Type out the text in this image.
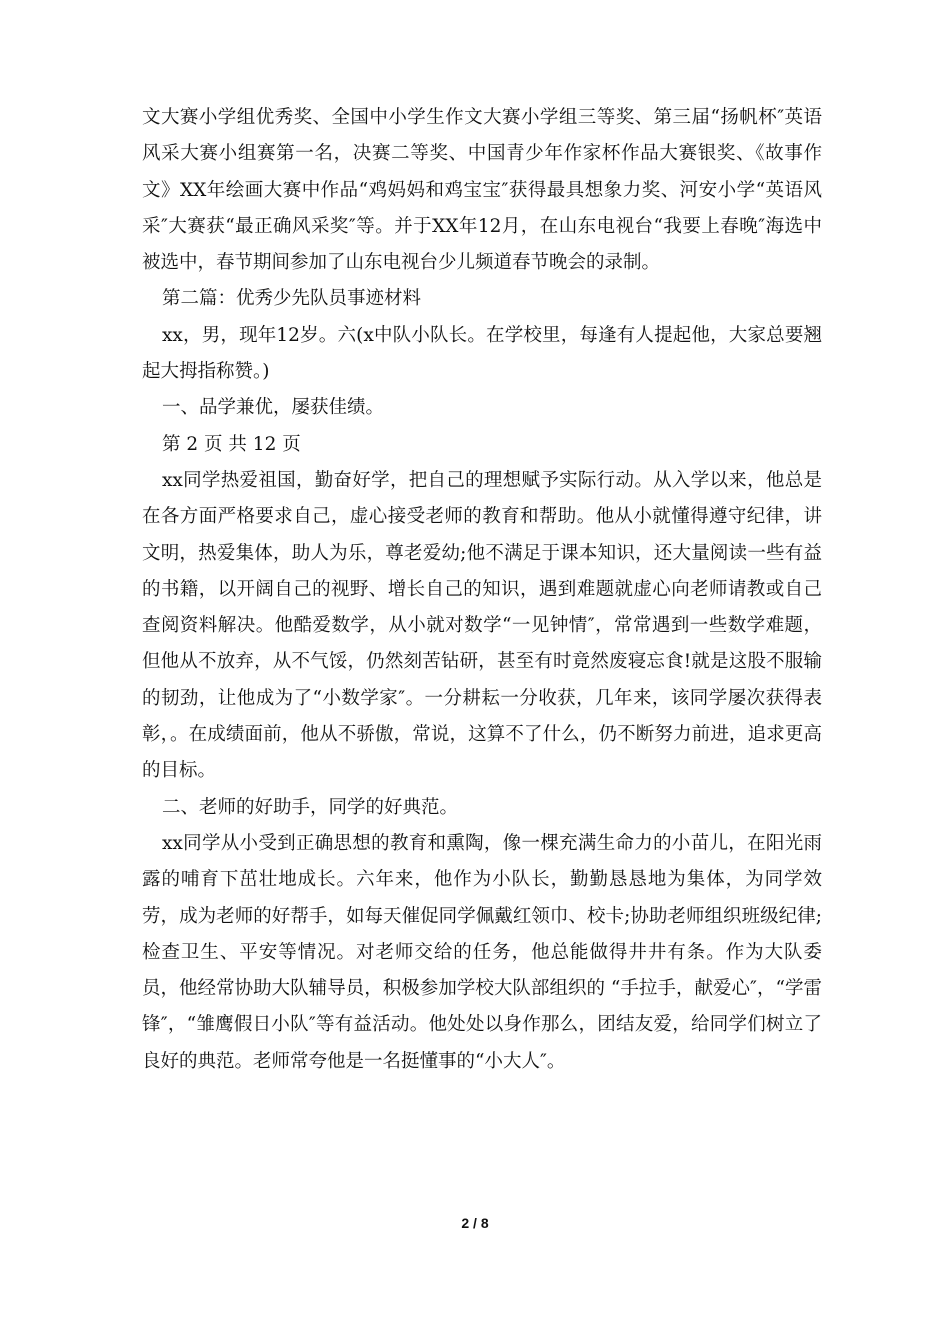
文大赛小学组优秀奖、全国中小学生作文大赛小学组三等奖、第三届“扬帆杯″英语风采大赛小组赛第一名，决赛二等奖、中国青少年作家杯作品大赛银奖、《故事作文》XX年绘画大赛中作品“鸡妈妈和鸡宝宝″获得最具想象力奖、河安小学“英语风采″大赛获“最正确风采奖″等。并于XX年12月，在山东电视台“我要上春晚″海选中被选中，春节期间参加了山东电视台少儿频道春节晚会的录制。

第二篇：优秀少先队员事迹材料

xx，男，现年12岁。六(x中队小队长。在学校里，每逢有人提起他，大家总要翘起大拇指称赞。)

一、品学兼优，屡获佳绩。

第 2 页 共 12 页

xx同学热爱祖国，勤奋好学，把自己的理想赋予实际行动。从入学以来，他总是在各方面严格要求自己，虚心接受老师的教育和帮助。他从小就懂得遵守纪律，讲文明，热爱集体，助人为乐，尊老爱幼;他不满足于课本知识，还大量阅读一些有益的书籍，以开阔自己的视野、增长自己的知识，遇到难题就虚心向老师请教或自己查阅资料解决。他酷爱数学，从小就对数学“一见钟情″，常常遇到一些数学难题，但他从不放弃，从不气馁，仍然刻苦钻研，甚至有时竟然废寝忘食!就是这股不服输的韧劲，让他成为了“小数学家″。一分耕耘一分收获，几年来，该同学屡次获得表彰，。在成绩面前，他从不骄傲，常说，这算不了什么，仍不断努力前进，追求更高的目标。

二、老师的好助手，同学的好典范。

xx同学从小受到正确思想的教育和熏陶，像一棵充满生命力的小苗儿，在阳光雨露的哺育下茁壮地成长。六年来，他作为小队长，勤勤恳恳地为集体，为同学效劳，成为老师的好帮手，如每天催促同学佩戴红领巾、校卡;协助老师组织班级纪律;检查卫生、平安等情况。对老师交给的任务，他总能做得井井有条。作为大队委员，他经常协助大队辅导员，积极参加学校大队部组织的 “手拉手，献爱心″，“学雷锋″，“雏鹰假日小队″等有益活动。他处处以身作那么，团结友爱，给同学们树立了良好的典范。老师常夸他是一名挺懂事的“小大人″。

2 / 8
